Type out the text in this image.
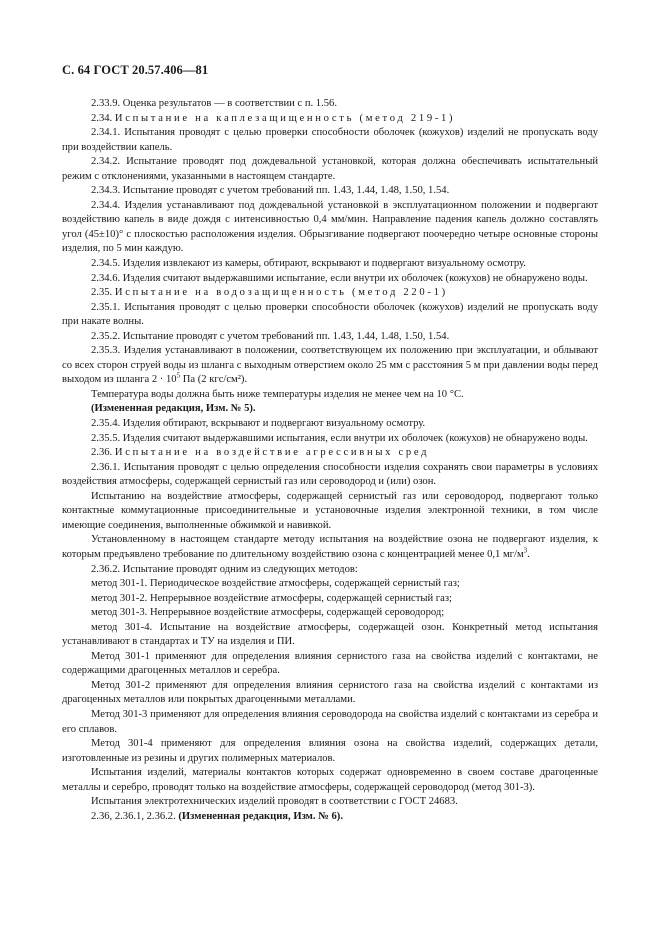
С. 64 ГОСТ 20.57.406—81

2.33.9. Оценка результатов — в соответствии с п. 1.56.

2.34. Испытание на каплезащищенность (метод 219-1)

2.34.1. Испытания проводят с целью проверки способности оболочек (кожухов) изделий не пропускать воду при воздействии капель.

2.34.2. Испытание проводят под дождевальной установкой, которая должна обеспечивать испытательный режим с отклонениями, указанными в настоящем стандарте.

2.34.3. Испытание проводят с учетом требований пп. 1.43, 1.44, 1.48, 1.50, 1.54.

2.34.4. Изделия устанавливают под дождевальной установкой в эксплуатационном положении и подвергают воздействию капель в виде дождя с интенсивностью 0,4 мм/мин. Направление падения капель должно составлять угол (45±10)° с плоскостью расположения изделия. Обрызгивание подвергают поочередно четыре основные стороны изделия, по 5 мин каждую.

2.34.5. Изделия извлекают из камеры, обтирают, вскрывают и подвергают визуальному осмотру.

2.34.6. Изделия считают выдержавшими испытание, если внутри их оболочек (кожухов) не обнаружено воды.

2.35. Испытание на водозащищенность (метод 220-1)

2.35.1. Испытания проводят с целью проверки способности оболочек (кожухов) изделий не пропускать воду при накате волны.

2.35.2. Испытание проводят с учетом требований пп. 1.43, 1.44, 1.48, 1.50, 1.54.

2.35.3. Изделия устанавливают в положении, соответствующем их положению при эксплуатации, и облывают со всех сторон струей воды из шланга с выходным отверстием около 25 мм с расстояния 5 м при давлении воды перед выходом из шланга $2 \cdot 10^5$ Па (2 кгс/см²).

Температура воды должна быть ниже температуры изделия не менее чем на 10 °С.

(Измененная редакция, Изм. № 5).

2.35.4. Изделия обтирают, вскрывают и подвергают визуальному осмотру.

2.35.5. Изделия считают выдержавшими испытания, если внутри их оболочек (кожухов) не обнаружено воды.

2.36. Испытание на воздействие агрессивных сред

2.36.1. Испытания проводят с целью определения способности изделия сохранять свои параметры в условиях воздействия атмосферы, содержащей сернистый газ или сероводород и (или) озон.

Испытанию на воздействие атмосферы, содержащей сернистый газ или сероводород, подвергают только контактные коммутационные присоединительные и установочные изделия электронной техники, в том числе имеющие соединения, выполненные обжимкой и навивкой.

Установленному в настоящем стандарте методу испытания на воздействие озона не подвергают изделия, к которым предъявлено требование по длительному воздействию озона с концентрацией менее 0,1 $мг/м^3$.

2.36.2. Испытание проводят одним из следующих методов:

метод 301-1. Периодическое воздействие атмосферы, содержащей сернистый газ;

метод 301-2. Непрерывное воздействие атмосферы, содержащей сернистый газ;

метод 301-3. Непрерывное воздействие атмосферы, содержащей сероводород;

метод 301-4. Испытание на воздействие атмосферы, содержащей озон. Конкретный метод испытания устанавливают в стандартах и ТУ на изделия и ПИ.

Метод 301-1 применяют для определения влияния сернистого газа на свойства изделий с контактами, не содержащими драгоценных металлов и серебра.

Метод 301-2 применяют для определения влияния сернистого газа на свойства изделий с контактами из драгоценных металлов или покрытых драгоценными металлами.

Метод 301-3 применяют для определения влияния сероводорода на свойства изделий с контактами из серебра и его сплавов.

Метод 301-4 применяют для определения влияния озона на свойства изделий, содержащих детали, изготовленные из резины и других полимерных материалов.

Испытания изделий, материалы контактов которых содержат одновременно в своем составе драгоценные металлы и серебро, проводят только на воздействие атмосферы, содержащей сероводород (метод 301-3).

Испытания электротехнических изделий проводят в соответствии с ГОСТ 24683.

2.36, 2.36.1, 2.36.2. (Измененная редакция, Изм. № 6).
